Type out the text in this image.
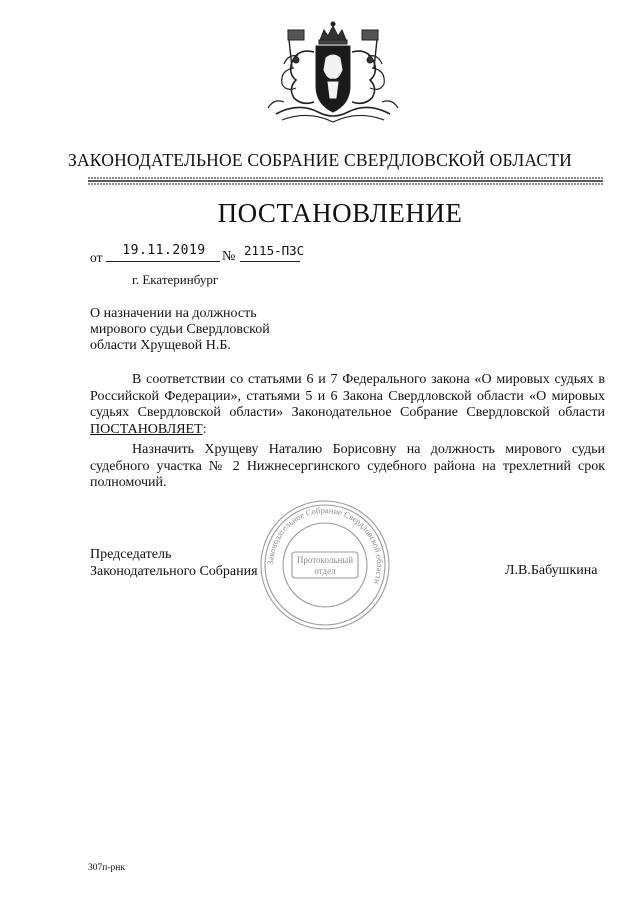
ЗАКОНОДАТЕЛЬНОЕ СОБРАНИЕ СВЕРДЛОВСКОЙ ОБЛАСТИ
ПОСТАНОВЛЕНИЕ
от	19.11.2019	№ 2115-ПЗС
г. Екатеринбург
О назначении на должность
мирового судьи Свердловской
области Хрущевой Н.Б.
В соответствии со статьями 6 и 7 Федерального закона «О мировых судьях в Российской Федерации», статьями 5 и 6 Закона Свердловской области «О мировых судьях Свердловской области» Законодательное Собрание Свердловской области ПОСТАНОВЛЯЕТ:
Назначить Хрущеву Наталию Борисовну на должность мирового судьи судебного участка № 2 Нижнесергинского судебного района на трехлетний срок полномочий.
Законодательное Собрание Свердловской области
Протокольный
отдел
Председатель
Законодательного Собрания	Л.В.Бабушкина
307п-рнк
